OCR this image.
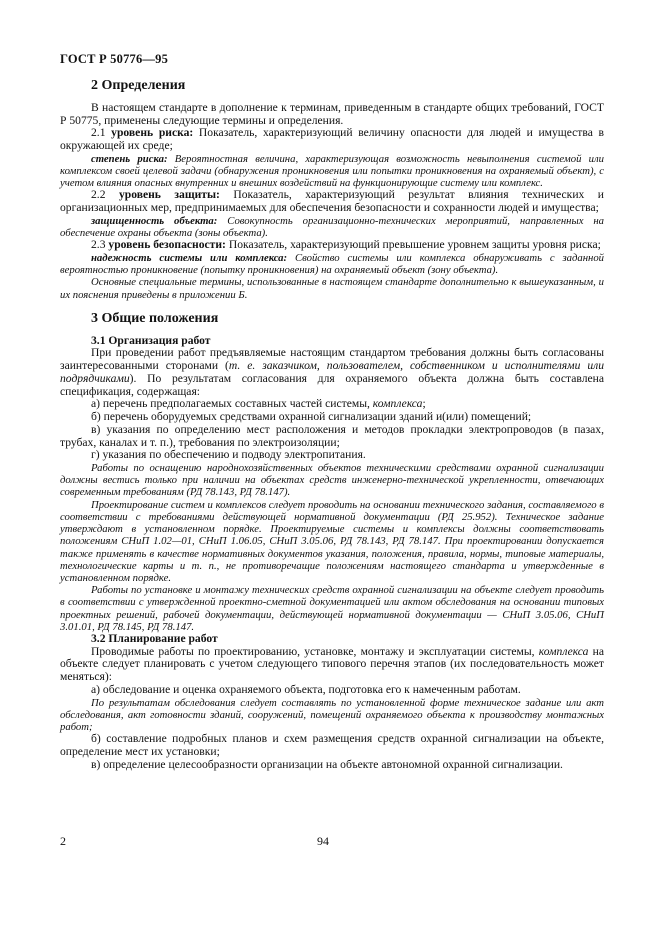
ГОСТ Р 50776—95
2 Определения

В настоящем стандарте в дополнение к терминам, приведенным в стандарте общих требований, ГОСТ Р 50775, применены следующие термины и определения.

2.1 уровень риска: Показатель, характеризующий величину опасности для людей и имущества в окружающей их среде;

степень риска: Вероятностная величина, характеризующая возможность невыполнения системой или комплексом своей целевой задачи (обнаружения проникновения или попытки проникновения на охраняемый объект), с учетом влияния опасных внутренних и внешних воздействий на функционирующие систему или комплекс.

2.2 уровень защиты: Показатель, характеризующий результат влияния технических и организационных мер, предпринимаемых для обеспечения безопасности и сохранности людей и имущества;

защищенность объекта: Совокупность организационно-технических мероприятий, направленных на обеспечение охраны объекта (зоны объекта).

2.3 уровень безопасности: Показатель, характеризующий превышение уровнем защиты уровня риска;

надежность системы или комплекса: Свойство системы или комплекса обнаруживать с заданной вероятностью проникновение (попытку проникновения) на охраняемый объект (зону объекта).

Основные специальные термины, использованные в настоящем стандарте дополнительно к вышеуказанным, и их пояснения приведены в приложении Б.

3 Общие положения
3.1 Организация работ

При проведении работ предъявляемые настоящим стандартом требования должны быть согласованы заинтересованными сторонами (т. е. заказчиком, пользователем, собственником и исполнителями или подрядчиками). По результатам согласования для охраняемого объекта должна быть составлена спецификация, содержащая:

а) перечень предполагаемых составных частей системы, комплекса;

б) перечень оборудуемых средствами охранной сигнализации зданий и(или) помещений;

в) указания по определению мест расположения и методов прокладки электропроводов (в пазах, трубах, каналах и т. п.), требования по электроизоляции;

г) указания по обеспечению и подводу электропитания.

Работы по оснащению народнохозяйственных объектов техническими средствами охранной сигнализации должны вестись только при наличии на объектах средств инженерно-технической укрепленности, отвечающих современным требованиям (РД 78.143, РД 78.147).

Проектирование систем и комплексов следует проводить на основании технического задания, составляемого в соответствии с требованиями действующей нормативной документации (РД 25.952). Техническое задание утверждают в установленном порядке. Проектируемые системы и комплексы должны соответствовать положениям СНиП 1.02—01, СНиП 1.06.05, СНиП 3.05.06, РД 78.143, РД 78.147. При проектировании допускается также применять в качестве нормативных документов указания, положения, правила, нормы, типовые материалы, технологические карты и т. п., не противоречащие положениям настоящего стандарта и утвержденные в установленном порядке.

Работы по установке и монтажу технических средств охранной сигнализации на объекте следует проводить в соответствии с утвержденной проектно-сметной документацией или актом обследования на основании типовых проектных решений, рабочей документации, действующей нормативной документации — СНиП 3.05.06, СНиП 3.01.01, РД 78.145, РД 78.147.

3.2 Планирование работ

Проводимые работы по проектированию, установке, монтажу и эксплуатации системы, комплекса на объекте следует планировать с учетом следующего типового перечня этапов (их последовательность может меняться):

а) обследование и оценка охраняемого объекта, подготовка его к намеченным работам.

По результатам обследования следует составлять по установленной форме техническое задание или акт обследования, акт готовности зданий, сооружений, помещений охраняемого объекта к производству монтажных работ;

б) составление подробных планов и схем размещения средств охранной сигнализации на объекте, определение мест их установки;

в) определение целесообразности организации на объекте автономной охранной сигнализации.

2	94
